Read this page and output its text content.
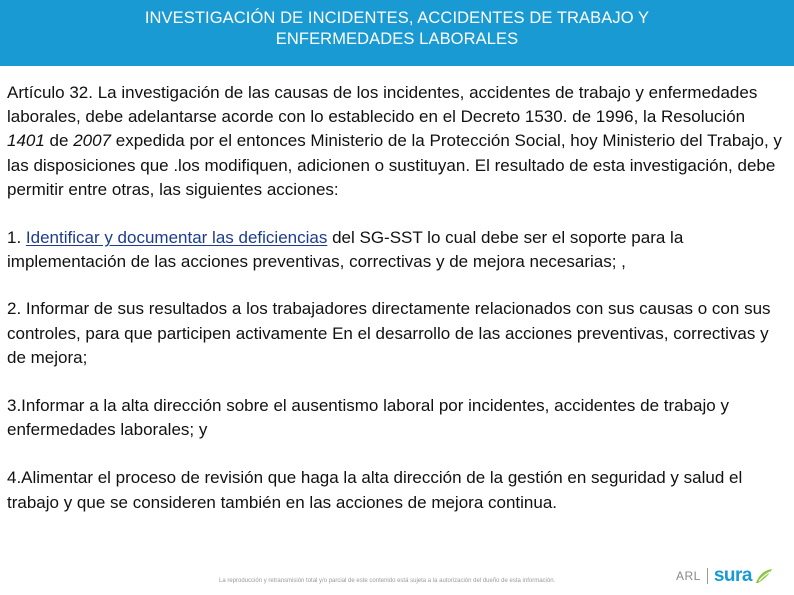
INVESTIGACIÓN DE INCIDENTES, ACCIDENTES DE TRABAJO Y
ENFERMEDADES LABORALES

Artículo 32. La investigación de las causas de los incidentes, accidentes de trabajo y enfermedades laborales, debe adelantarse acorde con lo establecido en el Decreto 1530. de 1996, la Resolución 1401 de 2007 expedida por el entonces Ministerio de la Protección Social, hoy Ministerio del Trabajo, y las disposiciones que .los modifiquen, adicionen o sustituyan. El resultado de esta investigación, debe permitir entre otras, las siguientes acciones:

1. Identificar y documentar las deficiencias del SG-SST lo cual debe ser el soporte para la implementación de las acciones preventivas, correctivas y de mejora necesarias; ,

2. Informar de sus resultados a los trabajadores directamente relacionados con sus causas o con sus controles, para que participen activamente En el desarrollo de las acciones preventivas, correctivas y de mejora;

3.Informar a la alta dirección sobre el ausentismo laboral por incidentes, accidentes de trabajo y enfermedades laborales; y

4.Alimentar el proceso de revisión que haga la alta dirección de la gestión en seguridad y salud el trabajo y que se consideren también en las acciones de mejora continua.

La reproducción y retransmisión total y/o parcial de este contenido está sujeta a la autorización del dueño de esta información.	ARL sura
